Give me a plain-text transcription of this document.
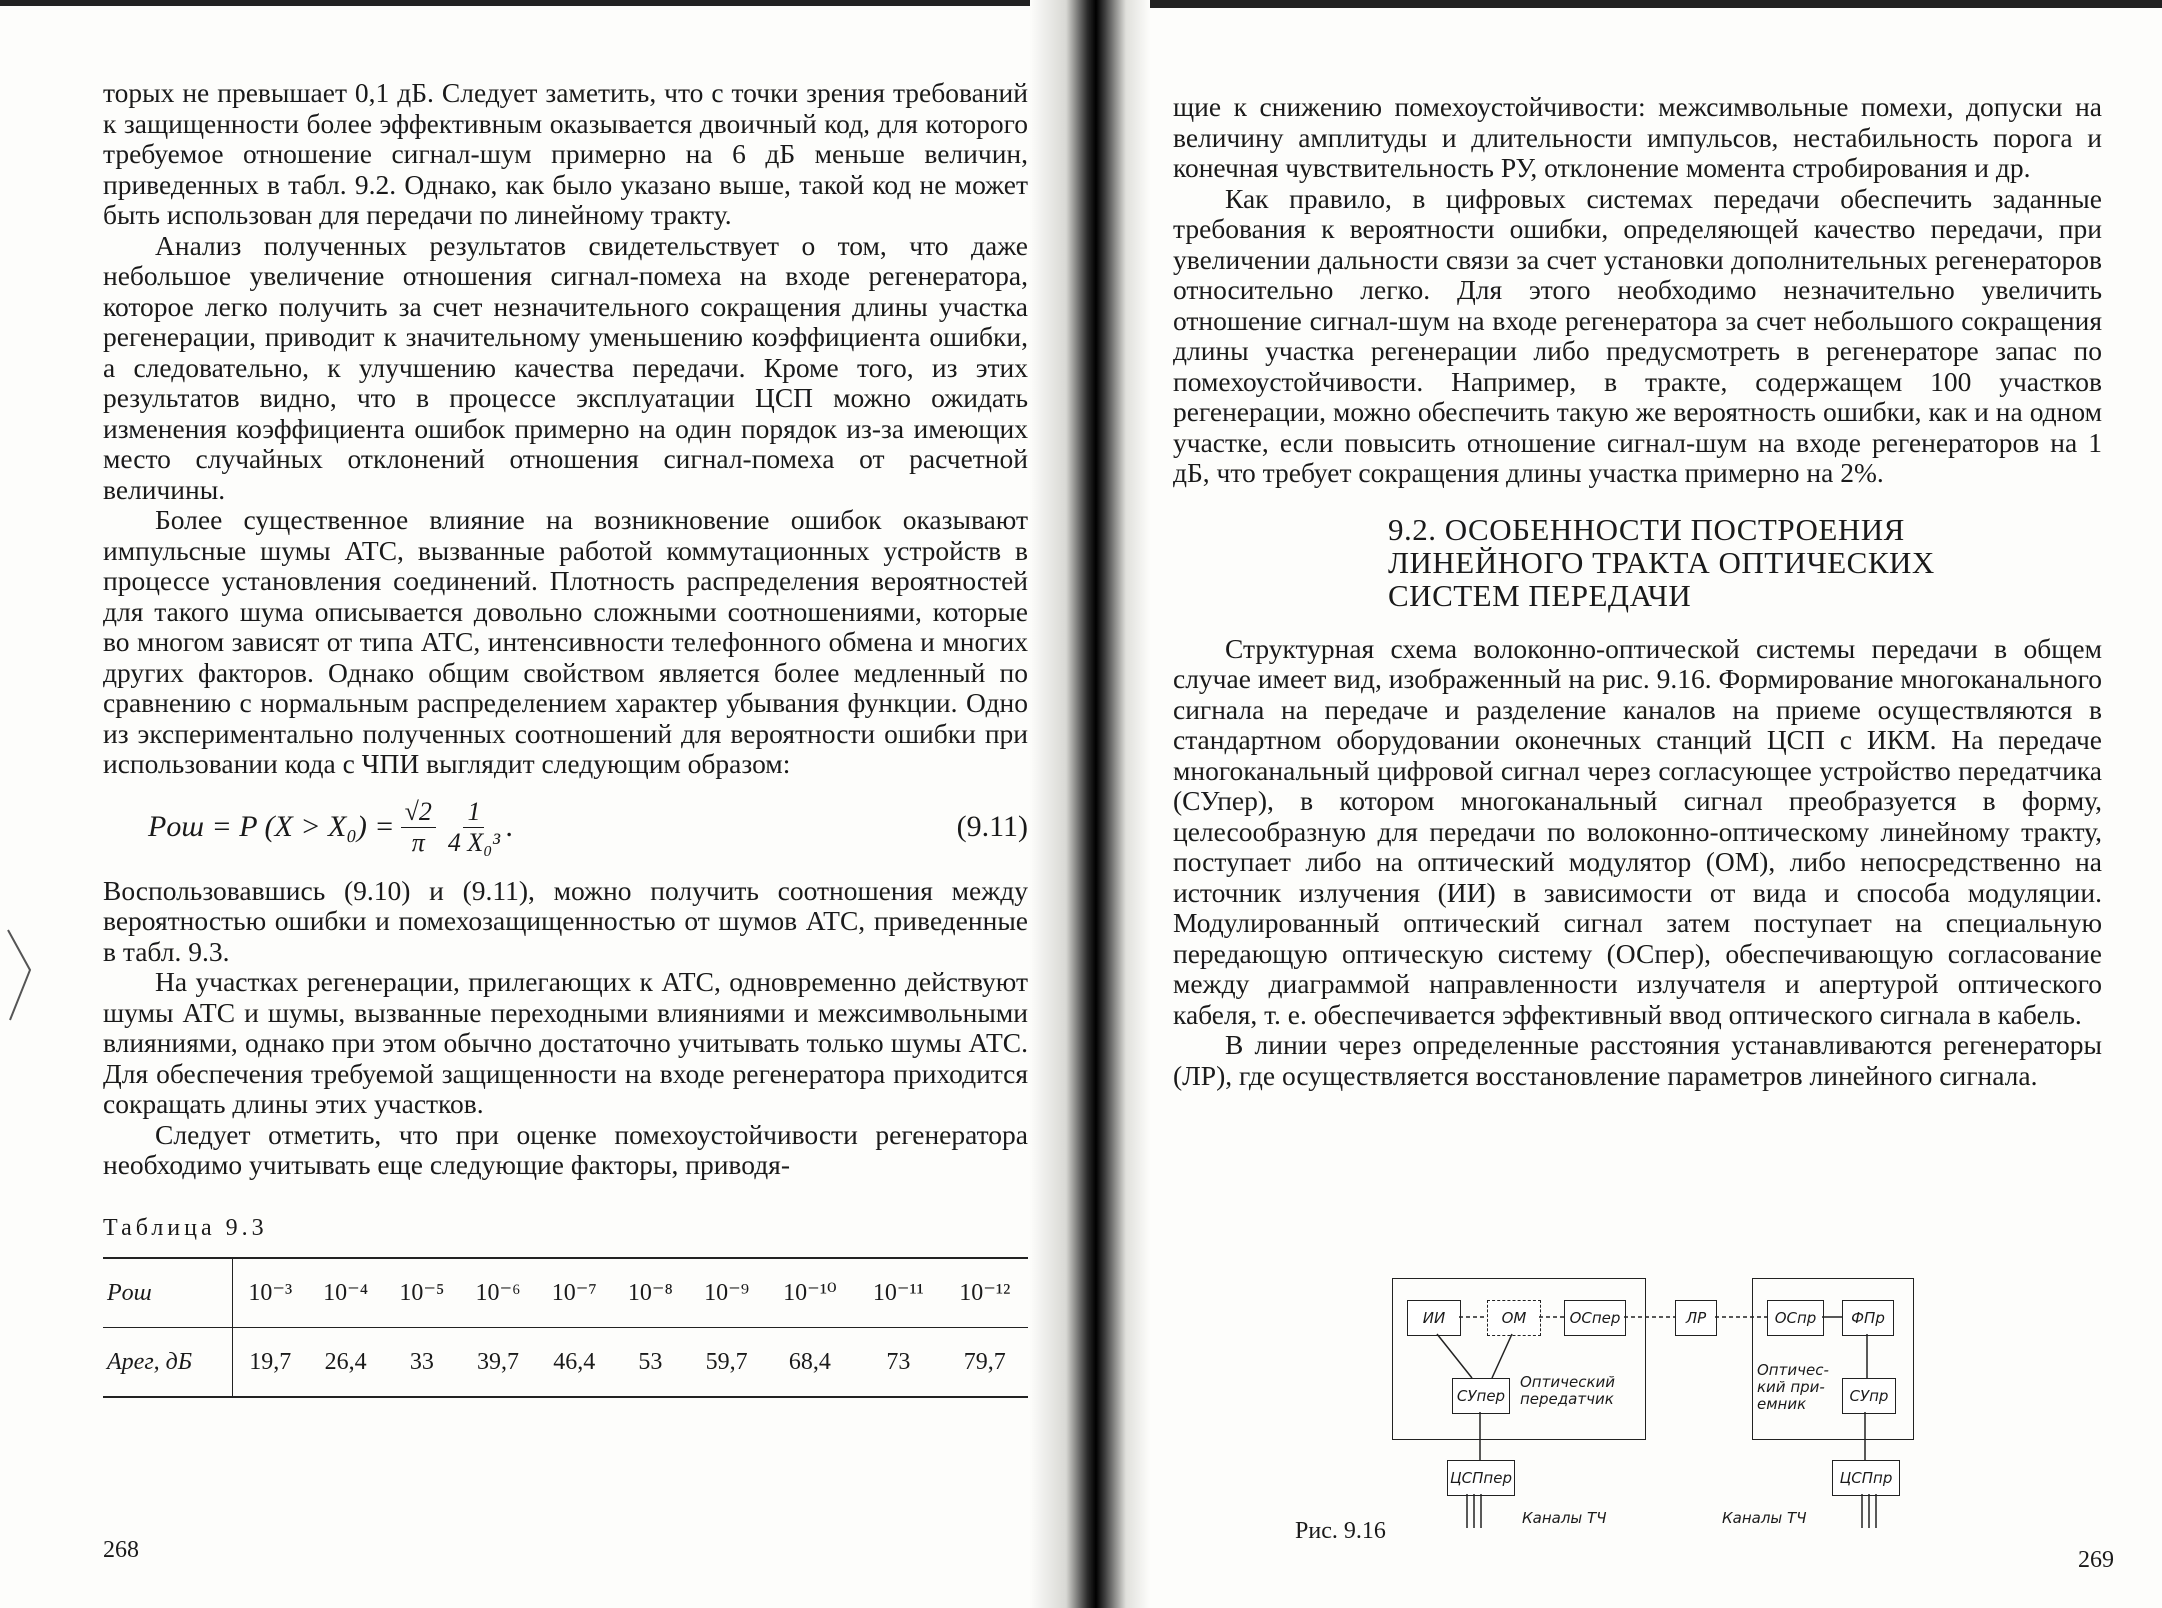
торых не превышает 0,1 дБ. Следует заметить, что с точки зрения требований к защищенности более эффективным оказывается двоичный код, для которого требуемое отношение сигнал-шум примерно на 6 дБ меньше величин, приведенных в табл. 9.2. Однако, как было указано выше, такой код не может быть использован для передачи по линейному тракту.

Анализ полученных результатов свидетельствует о том, что даже небольшое увеличение отношения сигнал-помеха на входе регенератора, которое легко получить за счет незначительного сокращения длины участка регенерации, приводит к значительному уменьшению коэффициента ошибки, а следовательно, к улучшению качества передачи. Кроме того, из этих результатов видно, что в процессе эксплуатации ЦСП можно ожидать изменения коэффициента ошибок примерно на один порядок из-за имеющих место случайных отклонений отношения сигнал-помеха от расчетной величины.

Более существенное влияние на возникновение ошибок оказывают импульсные шумы АТС, вызванные работой коммутационных устройств в процессе установления соединений. Плотность распределения вероятностей для такого шума описывается довольно сложными соотношениями, которые во многом зависят от типа АТС, интенсивности телефонного обмена и многих других факторов. Однако общим свойством является более медленный по сравнению с нормальным распределением характер убывания функции. Одно из экспериментально полученных соотношений для вероятности ошибки при использовании кода с ЧПИ выглядит следующим образом:

Pош = P $(X > X_0) = \frac{√2}{\pi} \frac{1}{\text{4 X₀³}}$ .	(9.11)

Воспользовавшись (9.10) и (9.11), можно получить соотношения между вероятностью ошибки и помехозащищенностью от шумов АТС, приведенные в табл. 9.3.

На участках регенерации, прилегающих к АТС, одновременно действуют шумы АТС и шумы, вызванные переходными влияниями и межсимвольными влияниями, однако при этом обычно достаточно учитывать только шумы АТС. Для обеспечения требуемой защищенности на входе регенератора приходится сокращать длины этих участков.

Следует отметить, что при оценке помехоустойчивости регенератора необходимо учитывать еще следующие факторы, приводя-

Таблица 9.3
Pош	10⁻³	10⁻⁴	10⁻⁵	10⁻⁶	10⁻⁷	10⁻⁸	10⁻⁹	10⁻¹⁰	10⁻¹¹	10⁻¹²
Aрег, дБ	19,7	26,4	33	39,7	46,4	53	59,7	68,4	73	79,7
268

щие к снижению помехоустойчивости: межсимвольные помехи, допуски на величину амплитуды и длительности импульсов, нестабильность порога и конечная чувствительность РУ, отклонение момента стробирования и др.

Как правило, в цифровых системах передачи обеспечить заданные требования к вероятности ошибки, определяющей качество передачи, при увеличении дальности связи за счет установки дополнительных регенераторов относительно легко. Для этого необходимо незначительно увеличить отношение сигнал-шум на входе регенератора за счет небольшого сокращения длины участка регенерации либо предусмотреть в регенераторе запас по помехоустойчивости. Например, в тракте, содержащем 100 участков регенерации, можно обеспечить такую же вероятность ошибки, как и на одном участке, если повысить отношение сигнал-шум на входе регенераторов на 1 дБ, что требует сокращения длины участка примерно на 2%.

9.2. ОСОБЕННОСТИ ПОСТРОЕНИЯ
ЛИНЕЙНОГО ТРАКТА ОПТИЧЕСКИХ
СИСТЕМ ПЕРЕДАЧИ

Структурная схема волоконно-оптической системы передачи в общем случае имеет вид, изображенный на рис. 9.16. Формирование многоканального сигнала на передаче и разделение каналов на приеме осуществляются в стандартном оборудовании оконечных станций ЦСП с ИКМ. На передаче многоканальный цифровой сигнал через согласующее устройство передатчика (СУпер), в котором многоканальный сигнал преобразуется в форму, целесообразную для передачи по волоконно-оптическому линейному тракту, поступает либо на оптический модулятор (ОМ), либо непосредственно на источник излучения (ИИ) в зависимости от вида и способа модуляции. Модулированный оптический сигнал затем поступает на специальную передающую оптическую систему (ОСпер), обеспечивающую согласование между диаграммой направленности излучателя и апертурой оптического кабеля, т. е. обеспечивается эффективный ввод оптического сигнала в кабель.

В линии через определенные расстояния устанавливаются регенераторы (ЛР), где осуществляется восстановление параметров линейного сигнала.

ИИ	ОМ	ОСпер	ЛР	ОСпр	ФПр
СУпер	СУпр
ЦСПпер	ЦСПпр
Оптический передатчик
Оптичес-кий при-емник
Каналы ТЧ	Каналы ТЧ
Рис. 9.16
269
